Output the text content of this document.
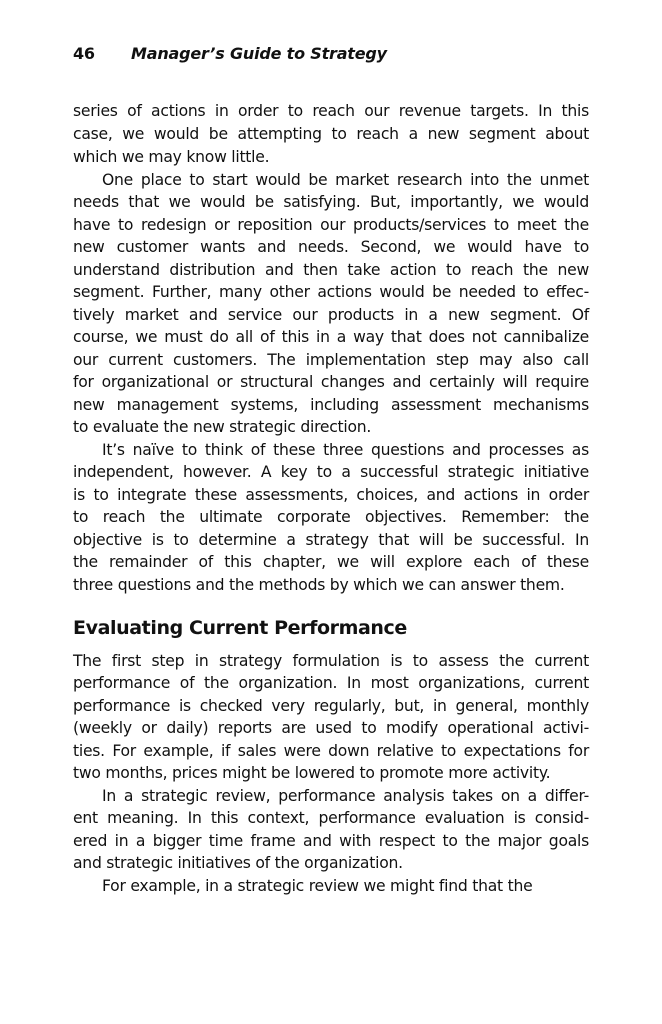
46 Manager’s Guide to Strategy
series of actions in order to reach our revenue targets. In this
case, we would be attempting to reach a new segment about
which we may know little.
One place to start would be market research into the unmet
needs that we would be satisfying. But, importantly, we would
have to redesign or reposition our products/services to meet the
new customer wants and needs. Second, we would have to
understand distribution and then take action to reach the new
segment. Further, many other actions would be needed to effec-
tively market and service our products in a new segment. Of
course, we must do all of this in a way that does not cannibalize
our current customers. The implementation step may also call
for organizational or structural changes and certainly will require
new management systems, including assessment mechanisms
to evaluate the new strategic direction.
It’s naïve to think of these three questions and processes as
independent, however. A key to a successful strategic initiative
is to integrate these assessments, choices, and actions in order
to reach the ultimate corporate objectives. Remember: the
objective is to determine a strategy that will be successful. In
the remainder of this chapter, we will explore each of these
three questions and the methods by which we can answer them.
Evaluating Current Performance
The first step in strategy formulation is to assess the current
performance of the organization. In most organizations, current
performance is checked very regularly, but, in general, monthly
(weekly or daily) reports are used to modify operational activi-
ties. For example, if sales were down relative to expectations for
two months, prices might be lowered to promote more activity.
In a strategic review, performance analysis takes on a differ-
ent meaning. In this context, performance evaluation is consid-
ered in a bigger time frame and with respect to the major goals
and strategic initiatives of the organization.
For example, in a strategic review we might find that the
